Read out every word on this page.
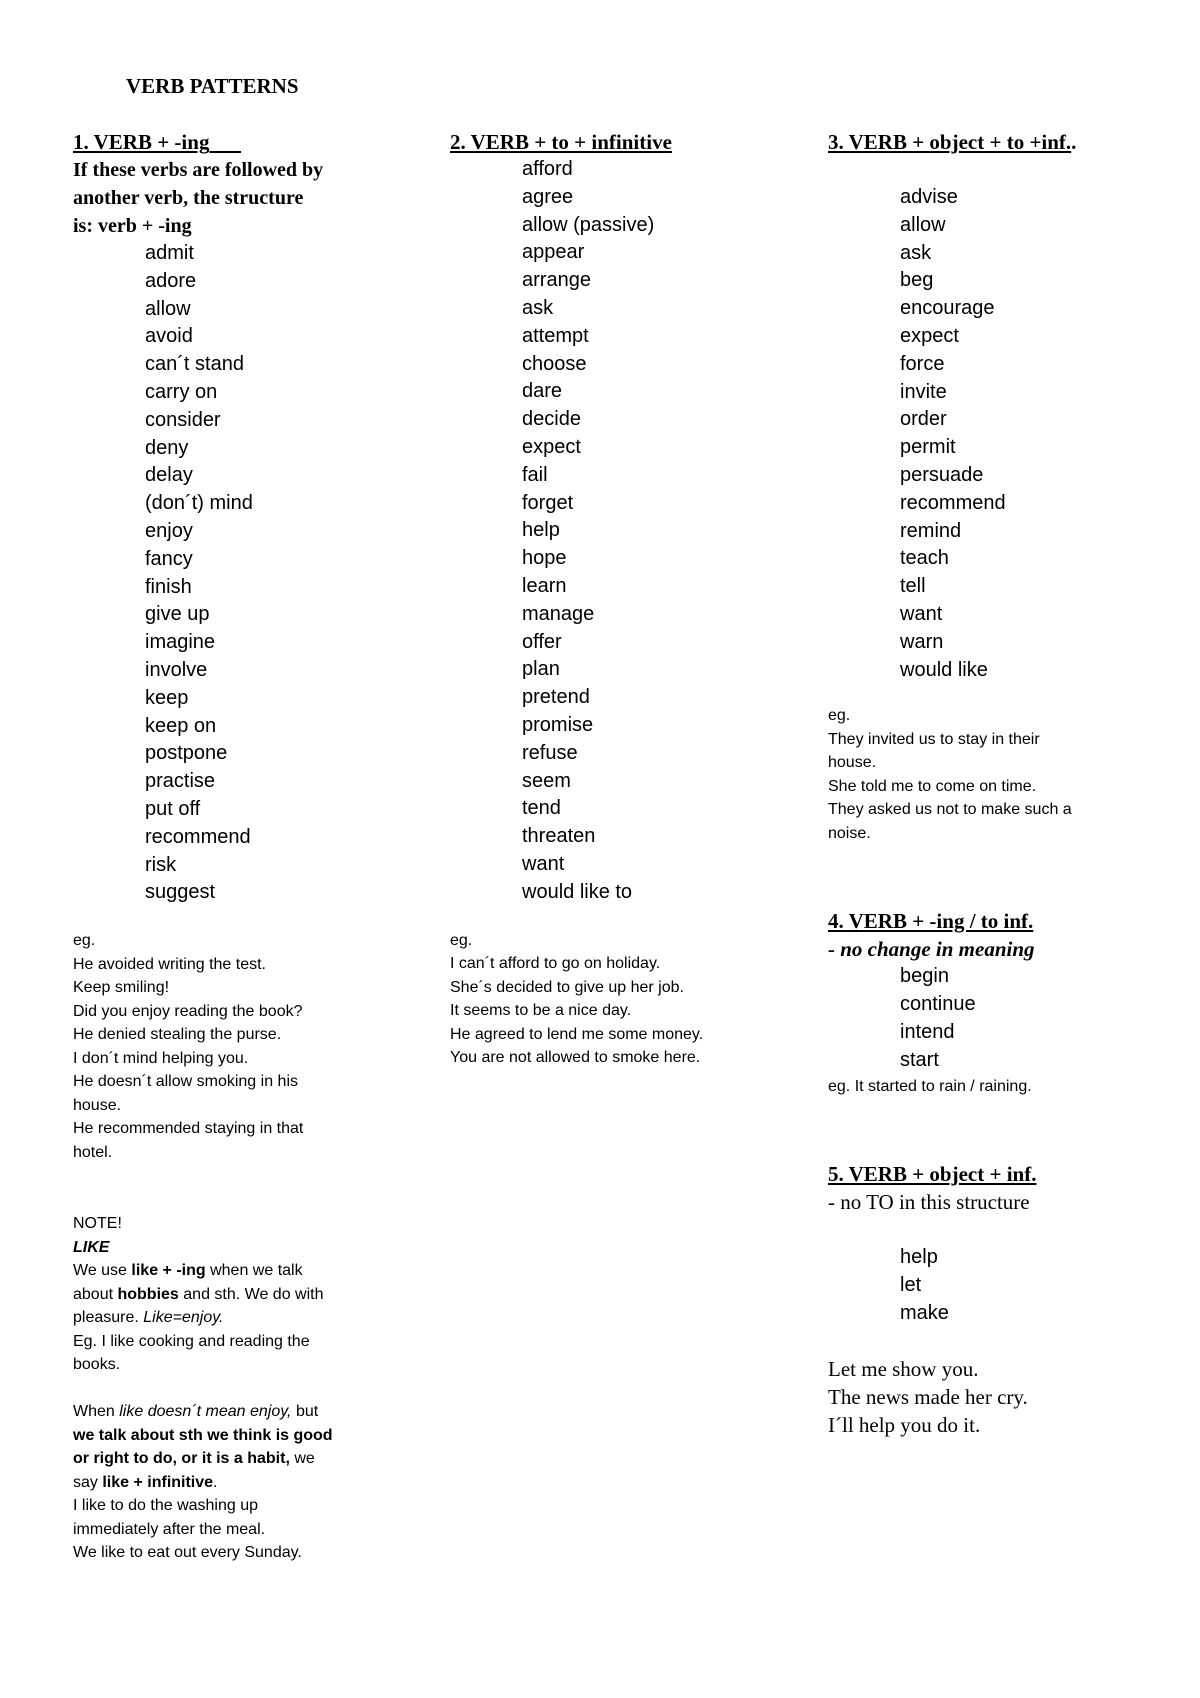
VERB PATTERNS
1. VERB + -ing
If these verbs are followed by
another verb, the structure
is: verb + -ing
admit
adore
allow
avoid
can´t stand
carry on
consider
deny
delay
(don´t) mind
enjoy
fancy
finish
give up
imagine
involve
keep
keep on
postpone
practise
put off
recommend
risk
suggest
eg.
He avoided writing the test.
Keep smiling!
Did you enjoy reading the book?
He denied stealing the purse.
I don´t mind helping you.
He doesn´t allow smoking in his
house.
He recommended staying in that
hotel.
NOTE!
LIKE
We use like + -ing when we talk
about hobbies and sth. We do with
pleasure. Like=enjoy.
Eg. I like cooking and reading the
books.
When like doesn´t mean enjoy, but
we talk about sth we think is good
or right to do, or it is a habit, we
say like + infinitive.
I like to do the washing up
immediately after the meal.
We like to eat out every Sunday.
2. VERB + to + infinitive
afford
agree
allow (passive)
appear
arrange
ask
attempt
choose
dare
decide
expect
fail
forget
help
hope
learn
manage
offer
plan
pretend
promise
refuse
seem
tend
threaten
want
would like to
eg.
I can´t afford to go on holiday.
She´s decided to give up her job.
It seems to be a nice day.
He agreed to lend me some money.
You are not allowed to smoke here.
3. VERB + object + to +inf..
advise
allow
ask
beg
encourage
expect
force
invite
order
permit
persuade
recommend
remind
teach
tell
want
warn
would like
eg.
They invited us to stay in their
house.
She told me to come on time.
They asked us not to make such a
noise.
4. VERB + -ing / to inf.
- no change in meaning
begin
continue
intend
start
eg. It started to rain / raining.
5. VERB + object + inf.
- no TO in this structure
help
let
make
Let me show you.
The news made her cry.
I´ll help you do it.
